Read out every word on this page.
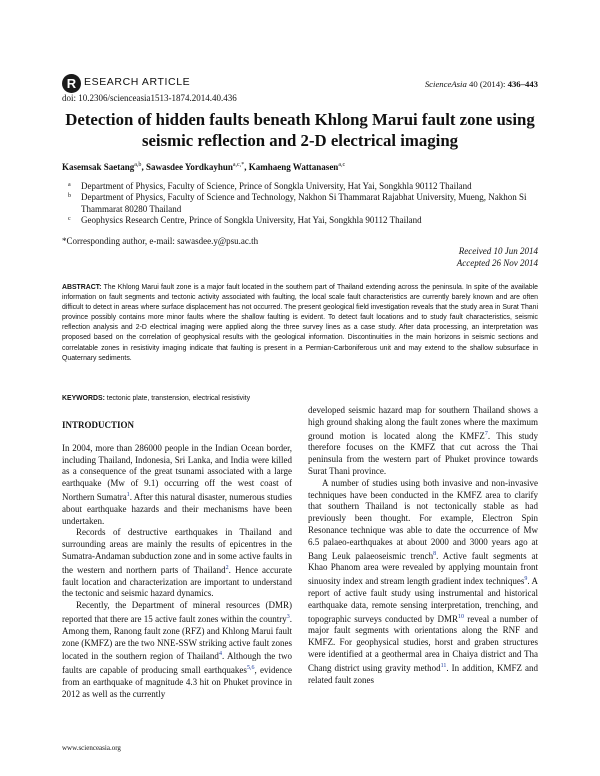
R ESEARCH ARTICLE
doi: 10.2306/scienceasia1513-1874.2014.40.436
ScienceAsia 40 (2014): 436–443
Detection of hidden faults beneath Khlong Marui fault zone using seismic reflection and 2-D electrical imaging
Kasemsak Saetang$^{a,b}$, Sawasdee Yordkayhun$^{a,c,*}$, Kamhaeng Wattanasen$^{a,c}$
a Department of Physics, Faculty of Science, Prince of Songkla University, Hat Yai, Songkhla 90112 Thailand
b Department of Physics, Faculty of Science and Technology, Nakhon Si Thammarat Rajabhat University, Mueng, Nakhon Si Thammarat 80280 Thailand
c Geophysics Research Centre, Prince of Songkla University, Hat Yai, Songkhla 90112 Thailand
*Corresponding author, e-mail: sawasdee.y@psu.ac.th
Received 10 Jun 2014
Accepted 26 Nov 2014
ABSTRACT: The Khlong Marui fault zone is a major fault located in the southern part of Thailand extending across the peninsula. In spite of the available information on fault segments and tectonic activity associated with faulting, the local scale fault characteristics are currently barely known and are often difficult to detect in areas where surface displacement has not occurred. The present geological field investigation reveals that the study area in Surat Thani province possibly contains more minor faults where the shallow faulting is evident. To detect fault locations and to study fault characteristics, seismic reflection analysis and 2-D electrical imaging were applied along the three survey lines as a case study. After data processing, an interpretation was proposed based on the correlation of geophysical results with the geological information. Discontinuities in the main horizons in seismic sections and correlatable zones in resistivity imaging indicate that faulting is present in a Permian-Carboniferous unit and may extend to the shallow subsurface in Quaternary sediments.
KEYWORDS: tectonic plate, transtension, electrical resistivity
INTRODUCTION

In 2004, more than 286000 people in the Indian Ocean border, including Thailand, Indonesia, Sri Lanka, and India were killed as a consequence of the great tsunami associated with a large earthquake (Mw of 9.1) occurring off the west coast of Northern Sumatra$^1$. After this natural disaster, numerous studies about earthquake hazards and their mechanisms have been undertaken.

Records of destructive earthquakes in Thailand and surrounding areas are mainly the results of epicentres in the Sumatra-Andaman subduction zone and in some active faults in the western and northern parts of Thailand$^2$. Hence accurate fault location and characterization are important to understand the tectonic and seismic hazard dynamics.

Recently, the Department of mineral resources (DMR) reported that there are 15 active fault zones within the country$^3$. Among them, Ranong fault zone (RFZ) and Khlong Marui fault zone (KMFZ) are the two NNE-SSW striking active fault zones located in the southern region of Thailand$^4$. Although the two faults are capable of producing small earthquakes$^{5,6}$, evidence from an earthquake of magnitude 4.3 hit on Phuket province in 2012 as well as the currently

developed seismic hazard map for southern Thailand shows a high ground shaking along the fault zones where the maximum ground motion is located along the KMFZ$^7$. This study therefore focuses on the KMFZ that cut across the Thai peninsula from the western part of Phuket province towards Surat Thani province.

A number of studies using both invasive and non-invasive techniques have been conducted in the KMFZ area to clarify that southern Thailand is not tectonically stable as had previously been thought. For example, Electron Spin Resonance technique was able to date the occurrence of Mw 6.5 palaeo-earthquakes at about 2000 and 3000 years ago at Bang Leuk palaeoseismic trench$^8$. Active fault segments at Khao Phanom area were revealed by applying mountain front sinuosity index and stream length gradient index techniques$^9$. A report of active fault study using instrumental and historical earthquake data, remote sensing interpretation, trenching, and topographic surveys conducted by DMR$^{10}$ reveal a number of major fault segments with orientations along the RNF and KMFZ. For geophysical studies, horst and graben structures were identified at a geothermal area in Chaiya district and Tha Chang district using gravity method$^{11}$. In addition, KMFZ and related fault zones

www.scienceasia.org
